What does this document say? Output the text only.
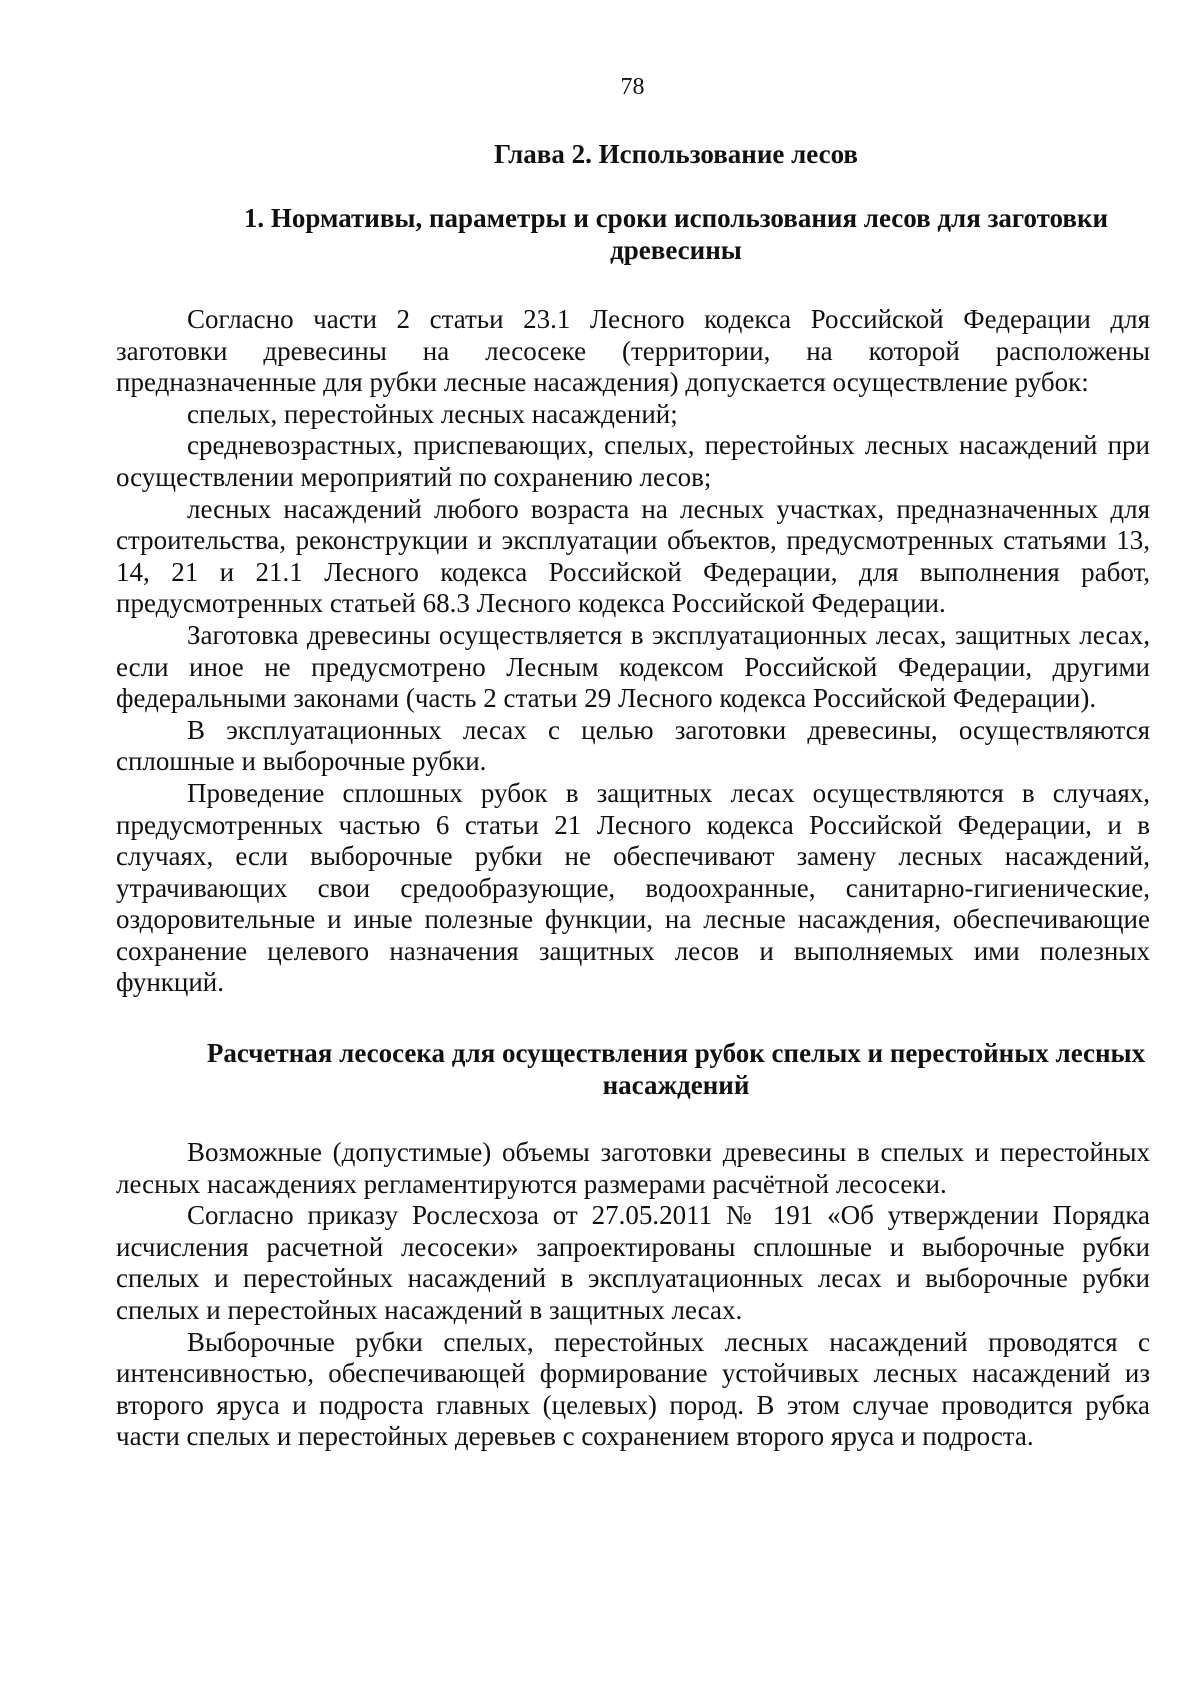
78
Глава 2. Использование лесов
1. Нормативы, параметры и сроки использования лесов для заготовки древесины

Согласно части 2 статьи 23.1 Лесного кодекса Российской Федерации для заготовки древесины на лесосеке (территории, на которой расположены предназначенные для рубки лесные насаждения) допускается осуществление рубок:

спелых, перестойных лесных насаждений;

средневозрастных, приспевающих, спелых, перестойных лесных насаждений при осуществлении мероприятий по сохранению лесов;

лесных насаждений любого возраста на лесных участках, предназначенных для строительства, реконструкции и эксплуатации объектов, предусмотренных статьями 13, 14, 21 и 21.1 Лесного кодекса Российской Федерации, для выполнения работ, предусмотренных статьей 68.3 Лесного кодекса Российской Федерации.

Заготовка древесины осуществляется в эксплуатационных лесах, защитных лесах, если иное не предусмотрено Лесным кодексом Российской Федерации, другими федеральными законами (часть 2 статьи 29 Лесного кодекса Российской Федерации).

В эксплуатационных лесах с целью заготовки древесины, осуществляются сплошные и выборочные рубки.

Проведение сплошных рубок в защитных лесах осуществляются в случаях, предусмотренных частью 6 статьи 21 Лесного кодекса Российской Федерации, и в случаях, если выборочные рубки не обеспечивают замену лесных насаждений, утрачивающих свои средообразующие, водоохранные, санитарно-гигиенические, оздоровительные и иные полезные функции, на лесные насаждения, обеспечивающие сохранение целевого назначения защитных лесов и выполняемых ими полезных функций.

Расчетная лесосека для осуществления рубок спелых и перестойных лесных насаждений

Возможные (допустимые) объемы заготовки древесины в спелых и перестойных лесных насаждениях регламентируются размерами расчётной лесосеки.

Согласно приказу Рослесхоза от 27.05.2011 № 191 «Об утверждении Порядка исчисления расчетной лесосеки» запроектированы сплошные и выборочные рубки спелых и перестойных насаждений в эксплуатационных лесах и выборочные рубки спелых и перестойных насаждений в защитных лесах.

Выборочные рубки спелых, перестойных лесных насаждений проводятся с интенсивностью, обеспечивающей формирование устойчивых лесных насаждений из второго яруса и подроста главных (целевых) пород. В этом случае проводится рубка части спелых и перестойных деревьев с сохранением второго яруса и подроста.
